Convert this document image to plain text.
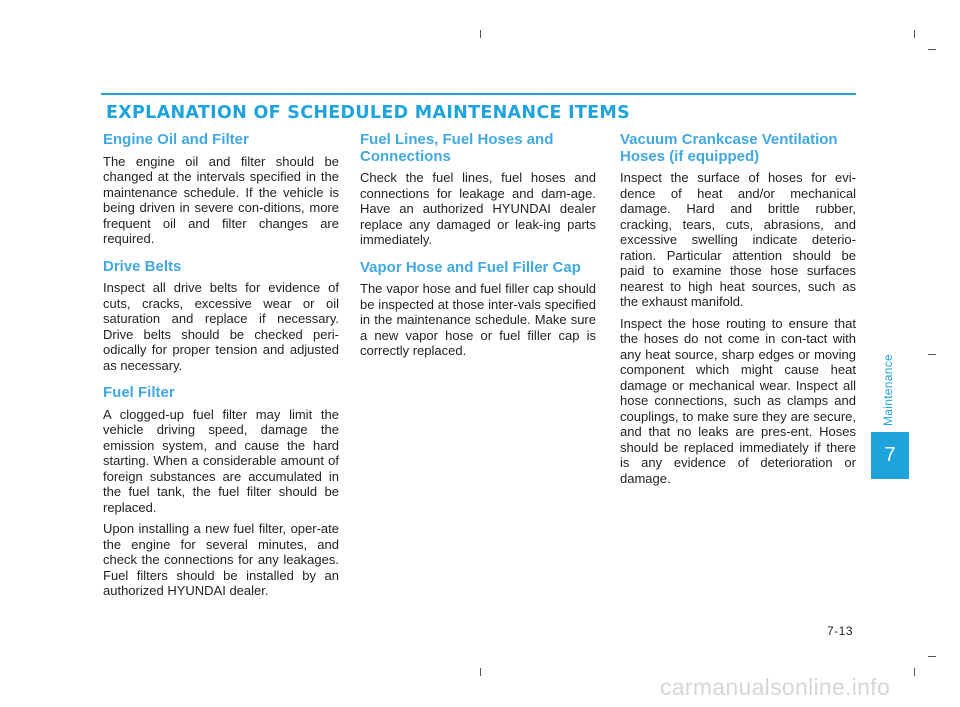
EXPLANATION OF SCHEDULED MAINTENANCE ITEMS
Engine Oil and Filter

The engine oil and filter should be changed at the intervals specified in the maintenance schedule. If the vehicle is being driven in severe con-ditions, more frequent oil and filter changes are required.

Drive Belts

Inspect all drive belts for evidence of cuts, cracks, excessive wear or oil saturation and replace if necessary. Drive belts should be checked peri-odically for proper tension and adjusted as necessary.

Fuel Filter

A clogged-up fuel filter may limit the vehicle driving speed, damage the emission system, and cause the hard starting. When a considerable amount of foreign substances are accumulated in the fuel tank, the fuel filter should be replaced.

Upon installing a new fuel filter, oper-ate the engine for several minutes, and check the connections for any leakages. Fuel filters should be installed by an authorized HYUNDAI dealer.

Fuel Lines, Fuel Hoses and Connections

Check the fuel lines, fuel hoses and connections for leakage and dam-age. Have an authorized HYUNDAI dealer replace any damaged or leak-ing parts immediately.

Vapor Hose and Fuel Filler Cap

The vapor hose and fuel filler cap should be inspected at those inter-vals specified in the maintenance schedule. Make sure a new vapor hose or fuel filler cap is correctly replaced.

Vacuum Crankcase Ventilation Hoses (if equipped)

Inspect the surface of hoses for evi-dence of heat and/or mechanical damage. Hard and brittle rubber, cracking, tears, cuts, abrasions, and excessive swelling indicate deterio-ration. Particular attention should be paid to examine those hose surfaces nearest to high heat sources, such as the exhaust manifold.

Inspect the hose routing to ensure that the hoses do not come in con-tact with any heat source, sharp edges or moving component which might cause heat damage or mechanical wear. Inspect all hose connections, such as clamps and couplings, to make sure they are secure, and that no leaks are pres-ent. Hoses should be replaced immediately if there is any evidence of deterioration or damage.

Maintenance
7
7-13
carmanualsonline.info
